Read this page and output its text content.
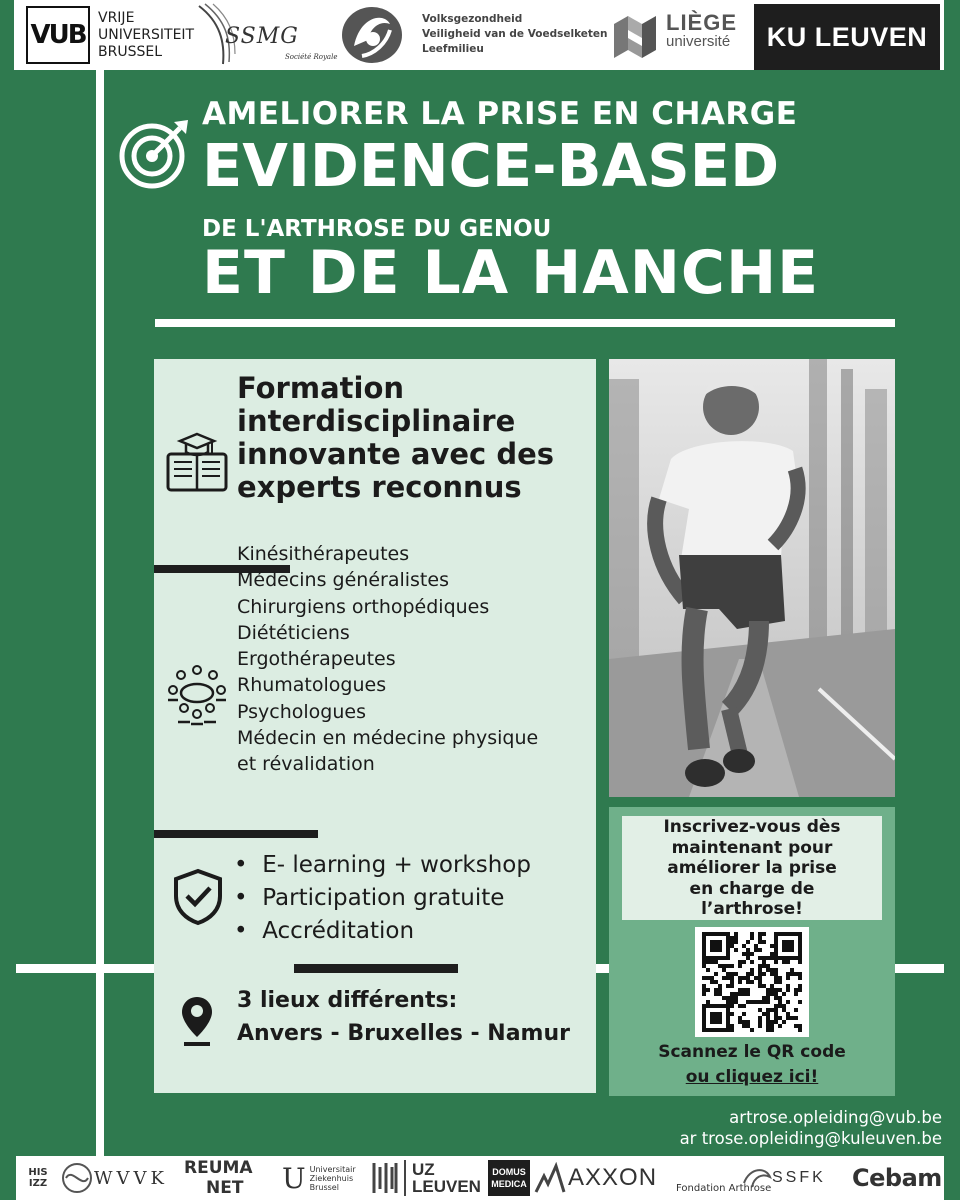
VUB
VRIJE
UNIVERSITEIT
BRUSSEL
SSMG
Société Royale
Volksgezondheid
Veiligheid van de Voedselketen
Leefmilieu
LIÈGE
université	KU LEUVEN
AMELIORER LA PRISE EN CHARGE
EVIDENCE-BASED
DE L'ARTHROSE DU GENOU
ET DE LA HANCHE
Formation interdisciplinaire innovante avec des experts reconnus
Kinésithérapeutes
Médecins généralistes
Chirurgiens orthopédiques
Diététiciens
Ergothérapeutes
Rhumatologues
Psychologues
Médecin en médecine physique
et révalidation
•  E- learning + workshop
•  Participation gratuite
•  Accréditation
3 lieux différents:
Anvers - Bruxelles - Namur
Inscrivez-vous dès
maintenant pour
améliorer la prise
en charge de
l’arthrose!
Scannez le QR code
ou cliquez ici!
artrose.opleiding@vub.be
ar trose.opleiding@kuleuven.be
HIS IZZ	WVVK REUMA
NET U Universitair
Ziekenhuis
Brussel
UZ
LEUVEN
DOMUS
MEDICA AXXON Fondation Arthrose
SSFK Cebam
